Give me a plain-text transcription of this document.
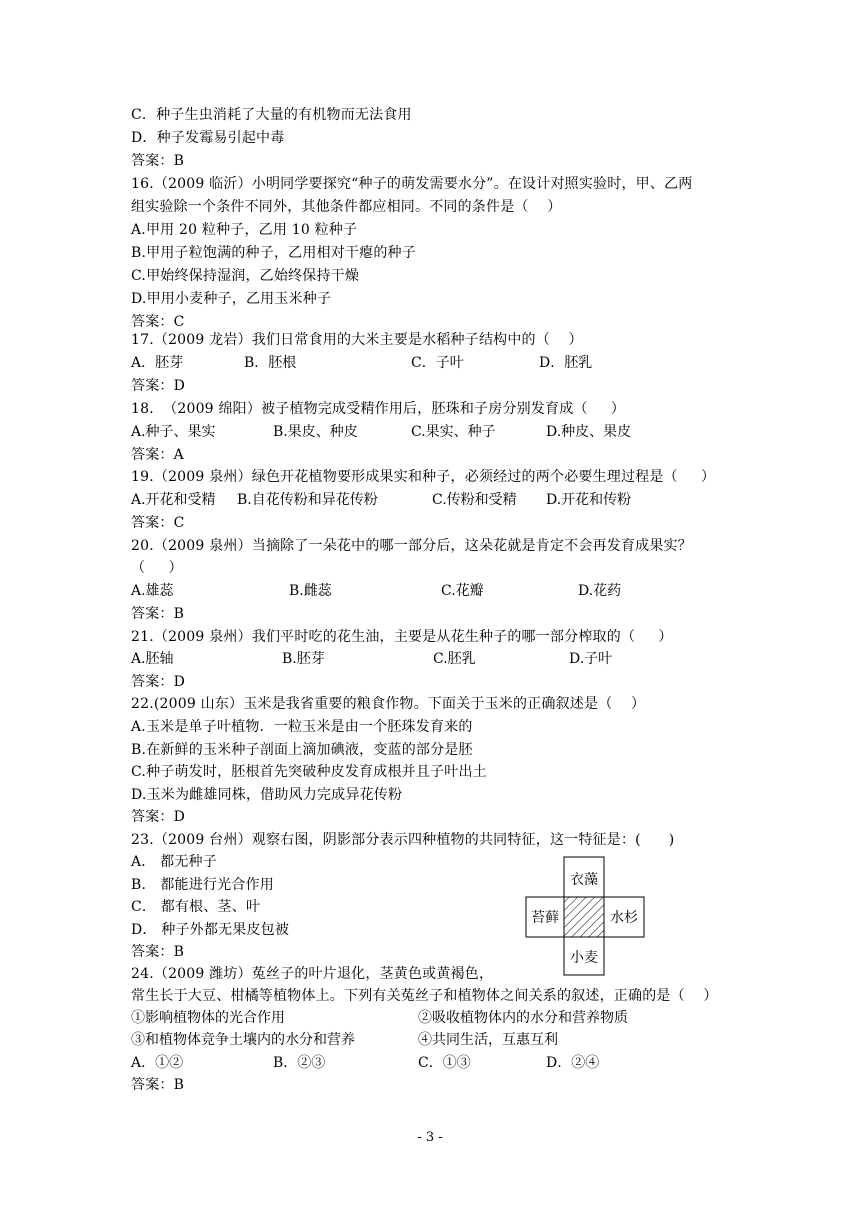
C．种子生虫消耗了大量的有机物而无法食用
D．种子发霉易引起中毒
答案：B
16.（2009 临沂）小明同学要探究“种子的萌发需要水分”。在设计对照实验时，甲、乙两
组实验除一个条件不同外，其他条件都应相同。不同的条件是（    ）
A.甲用 20 粒种子，乙用 10 粒种子
B.甲用子粒饱满的种子，乙用相对干瘪的种子
C.甲始终保持湿润，乙始终保持干燥
D.甲用小麦种子，乙用玉米种子
答案：C
17.（2009 龙岩）我们日常食用的大米主要是水稻种子结构中的（    ）
A．胚芽	B．胚根	C．子叶	D．胚乳
答案：D
18.  （2009 绵阳）被子植物完成受精作用后，胚珠和子房分别发育成（     ）
A.种子、果实	B.果皮、种皮	C.果实、种子	D.种皮、果皮
答案：A
19.（2009 泉州）绿色开花植物要形成果实和种子，必须经过的两个必要生理过程是（     ）
A.开花和受精 B.自花传粉和异花传粉	C.传粉和受精 D.开花和传粉
答案：C
20.（2009 泉州）当摘除了一朵花中的哪一部分后，这朵花就是肯定不会再发育成果实？
（     ）
A.雄蕊	B.雌蕊	C.花瓣	D.花药
答案：B
21.（2009 泉州）我们平时吃的花生油，主要是从花生种子的哪一部分榨取的（     ）
A.胚轴	B.胚芽	C.胚乳	D.子叶
答案：D
22.(2009 山东）玉米是我省重要的粮食作物。下面关于玉米的正确叙述是（    ）
A.玉米是单子叶植物．一粒玉米是由一个胚珠发育来的
B.在新鲜的玉米种子剖面上滴加碘液，变蓝的部分是胚
C.种子萌发时，胚根首先突破种皮发育成根并且子叶出土
D.玉米为雌雄同株，借助风力完成异花传粉
答案：D
23.（2009 台州）观察右图，阴影部分表示四种植物的共同特征，这一特征是：(      )
A． 都无种子
B． 都能进行光合作用
C． 都有根、茎、叶
D． 种子外都无果皮包被
答案：B
衣藻
苔藓	水杉
小麦
24.（2009 潍坊）菟丝子的叶片退化，茎黄色或黄褐色，
常生长于大豆、柑橘等植物体上。下列有关菟丝子和植物体之间关系的叙述，正确的是（    ）
①影响植物体的光合作用	②吸收植物体内的水分和营养物质
③和植物体竞争土壤内的水分和营养	④共同生活，互惠互利
A．①②	B．②③	C．①③	D．②④
答案：B
- 3 -
